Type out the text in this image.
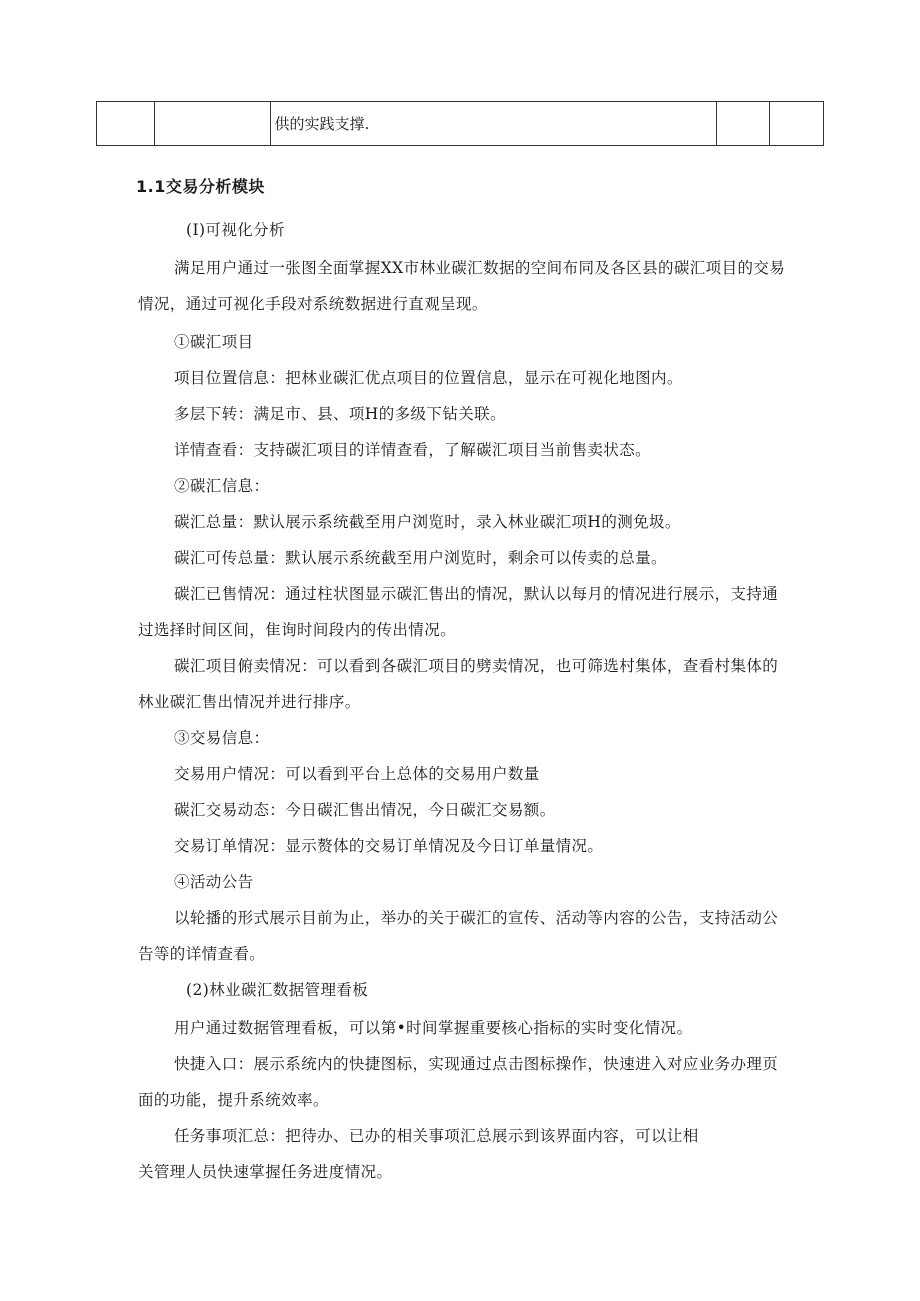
		供的实践支撑.		
1.1交易分析模块
(I)可视化分析
满足用户通过一张图全面掌握XX市林业碳汇数据的空间布同及各区县的碳汇项目的交易
情况，通过可视化手段对系统数据进行直观呈现。
①碳汇项目
项目位置信息：把林业碳汇优点项目的位置信息，显示在可视化地图内。
多层下转：满足市、县、项H的多级下钻关联。
详情查看：支持碳汇项目的详情查看，了解碳汇项目当前售卖状态。
②碳汇信息：
碳汇总量：默认展示系统截至用户浏览时，录入林业碳汇项H的测免圾。
碳汇可传总量：默认展示系统截至用户浏览时，剩余可以传卖的总量。
碳汇已售情况：通过柱状图显示碳汇售出的情况，默认以每月的情况进行展示，支持通
过选择时间区间，隹询时间段内的传出情况。
碳汇项目俯卖情况：可以看到各碳汇项目的劈卖情况，也可筛选村集体，查看村集体的
林业碳汇售出情况并进行排序。
③交易信息：
交易用户情况：可以看到平台上总体的交易用户数量
碳汇交易动态：今日碳汇售出情况，今日碳汇交易额。
交易订单情况：显示赘体的交易订单情况及今日订单量情况。
④活动公告
以轮播的形式展示目前为止，举办的关于碳汇的宣传、活动等内容的公告，支持活动公
告等的详情查看。
(2)林业碳汇数据管理看板
用户通过数据管理看板，可以第•时间掌握重要核心指标的实时变化情况。
快捷入口：展示系统内的快捷图标，实现通过点击图标操作，快速进入对应业务办理页
面的功能，提升系统效率。
任务事项汇总：把待办、已办的相关事项汇总展示到该界面内容，可以让相
关管理人员快速掌握任务进度情况。
